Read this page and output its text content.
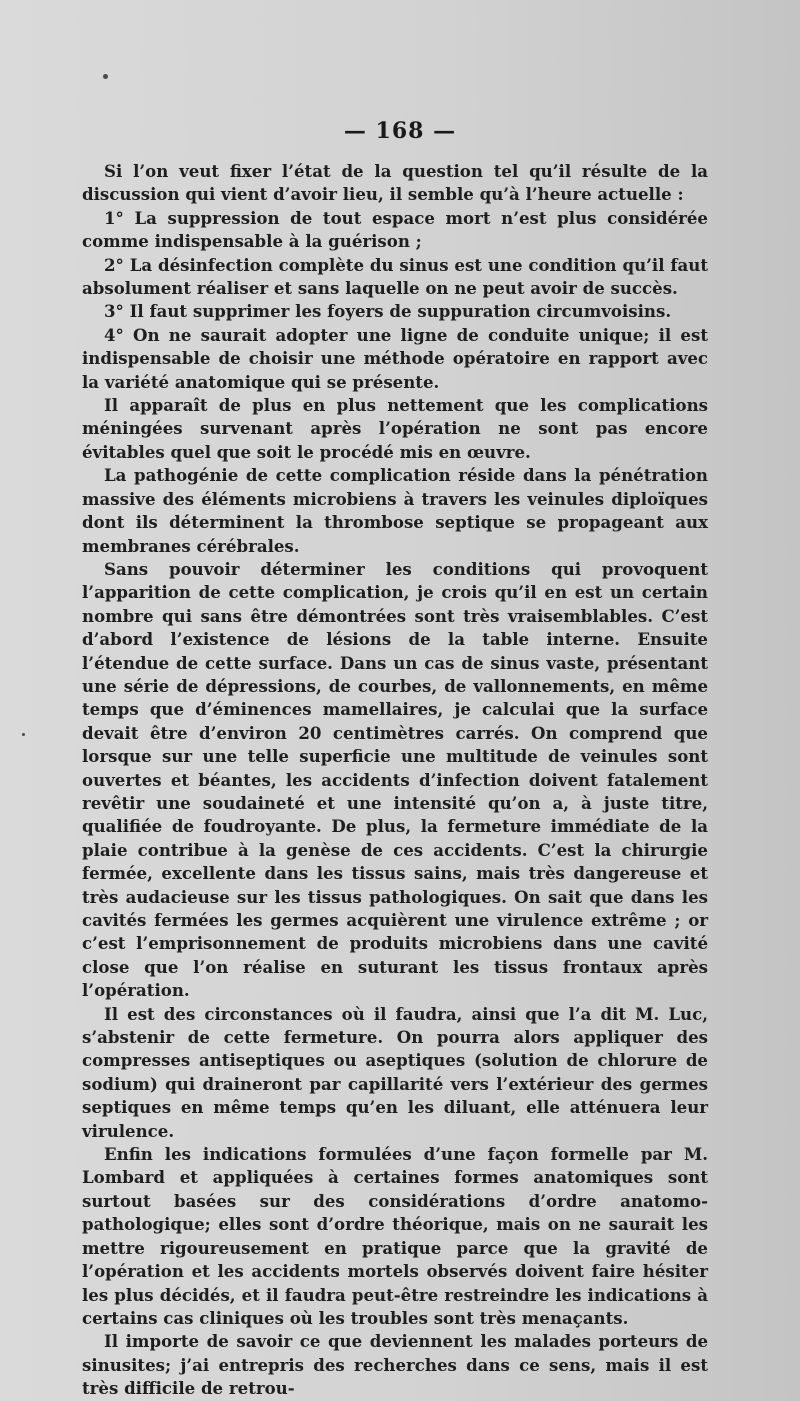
— 168 —

Si l’on veut fixer l’état de la question tel qu’il résulte de la discussion qui vient d’avoir lieu, il semble qu’à l’heure actuelle :

1° La suppression de tout espace mort n’est plus considérée comme indispensable à la guérison ;

2° La désinfection complète du sinus est une condition qu’il faut absolument réaliser et sans laquelle on ne peut avoir de succès.

3° Il faut supprimer les foyers de suppuration circumvoisins.

4° On ne saurait adopter une ligne de conduite unique; il est indispensable de choisir une méthode opératoire en rapport avec la variété anatomique qui se présente.

Il apparaît de plus en plus nettement que les complications méningées survenant après l’opération ne sont pas encore évitables quel que soit le procédé mis en œuvre.

La pathogénie de cette complication réside dans la pénétration massive des éléments microbiens à travers les veinules diploïques dont ils déterminent la thrombose septique se propageant aux membranes cérébrales.

Sans pouvoir déterminer les conditions qui provoquent l’apparition de cette complication, je crois qu’il en est un certain nombre qui sans être démontrées sont très vraisemblables. C’est d’abord l’existence de lésions de la table interne. Ensuite l’étendue de cette surface. Dans un cas de sinus vaste, présentant une série de dépressions, de courbes, de vallonnements, en même temps que d’éminences mamellaires, je calculai que la surface devait être d’environ 20 centimètres carrés. On comprend que lorsque sur une telle superficie une multitude de veinules sont ouvertes et béantes, les accidents d’infection doivent fatalement revêtir une soudaineté et une intensité qu’on a, à juste titre, qualifiée de foudroyante. De plus, la fermeture immédiate de la plaie contribue à la genèse de ces accidents. C’est la chirurgie fermée, excellente dans les tissus sains, mais très dangereuse et très audacieuse sur les tissus pathologiques. On sait que dans les cavités fermées les germes acquièrent une virulence extrême ; or c’est l’emprisonnement de produits microbiens dans une cavité close que l’on réalise en suturant les tissus frontaux après l’opération.

Il est des circonstances où il faudra, ainsi que l’a dit M. Luc, s’abstenir de cette fermeture. On pourra alors appliquer des compresses antiseptiques ou aseptiques (solution de chlorure de sodium) qui draineront par capillarité vers l’extérieur des germes septiques en même temps qu’en les diluant, elle atténuera leur virulence.

Enfin les indications formulées d’une façon formelle par M. Lombard et appliquées à certaines formes anatomiques sont surtout basées sur des considérations d’ordre anatomo-pathologique; elles sont d’ordre théorique, mais on ne saurait les mettre rigoureusement en pratique parce que la gravité de l’opération et les accidents mortels observés doivent faire hésiter les plus décidés, et il faudra peut-être restreindre les indications à certains cas cliniques où les troubles sont très menaçants.

Il importe de savoir ce que deviennent les malades porteurs de sinusites; j’ai entrepris des recherches dans ce sens, mais il est très difficile de retrou-
